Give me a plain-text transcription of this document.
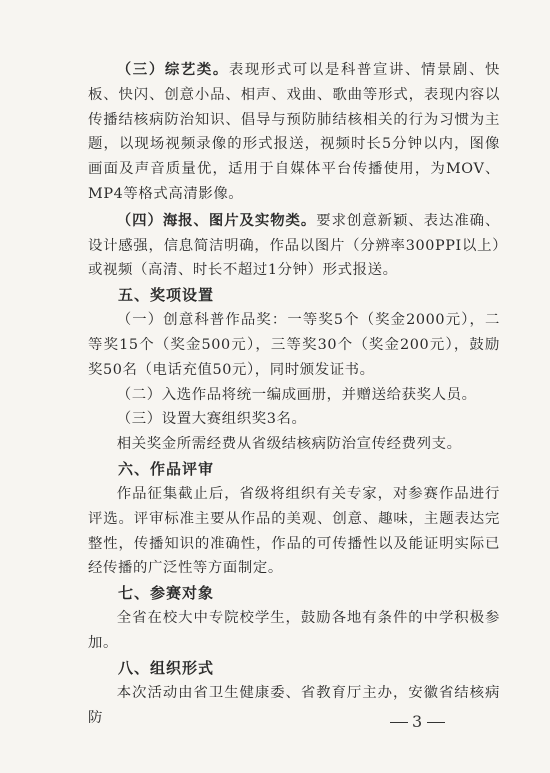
（三）综艺类。表现形式可以是科普宣讲、情景剧、快板、快闪、创意小品、相声、戏曲、歌曲等形式，表现内容以传播结核病防治知识、倡导与预防肺结核相关的行为习惯为主题，以现场视频录像的形式报送，视频时长5分钟以内，图像画面及声音质量优，适用于自媒体平台传播使用，为MOV、MP4等格式高清影像。

（四）海报、图片及实物类。要求创意新颖、表达准确、设计感强，信息简洁明确，作品以图片（分辨率300PPI以上）或视频（高清、时长不超过1分钟）形式报送。

五、奖项设置

（一）创意科普作品奖：一等奖5个（奖金2000元），二等奖15个（奖金500元），三等奖30个（奖金200元），鼓励奖50名（电话充值50元），同时颁发证书。

（二）入选作品将统一编成画册，并赠送给获奖人员。

（三）设置大赛组织奖3名。

相关奖金所需经费从省级结核病防治宣传经费列支。

六、作品评审

作品征集截止后，省级将组织有关专家，对参赛作品进行评选。评审标准主要从作品的美观、创意、趣味，主题表达完整性，传播知识的准确性，作品的可传播性以及能证明实际已经传播的广泛性等方面制定。

七、参赛对象

全省在校大中专院校学生，鼓励各地有条件的中学积极参加。

八、组织形式

本次活动由省卫生健康委、省教育厅主办，安徽省结核病防	3
